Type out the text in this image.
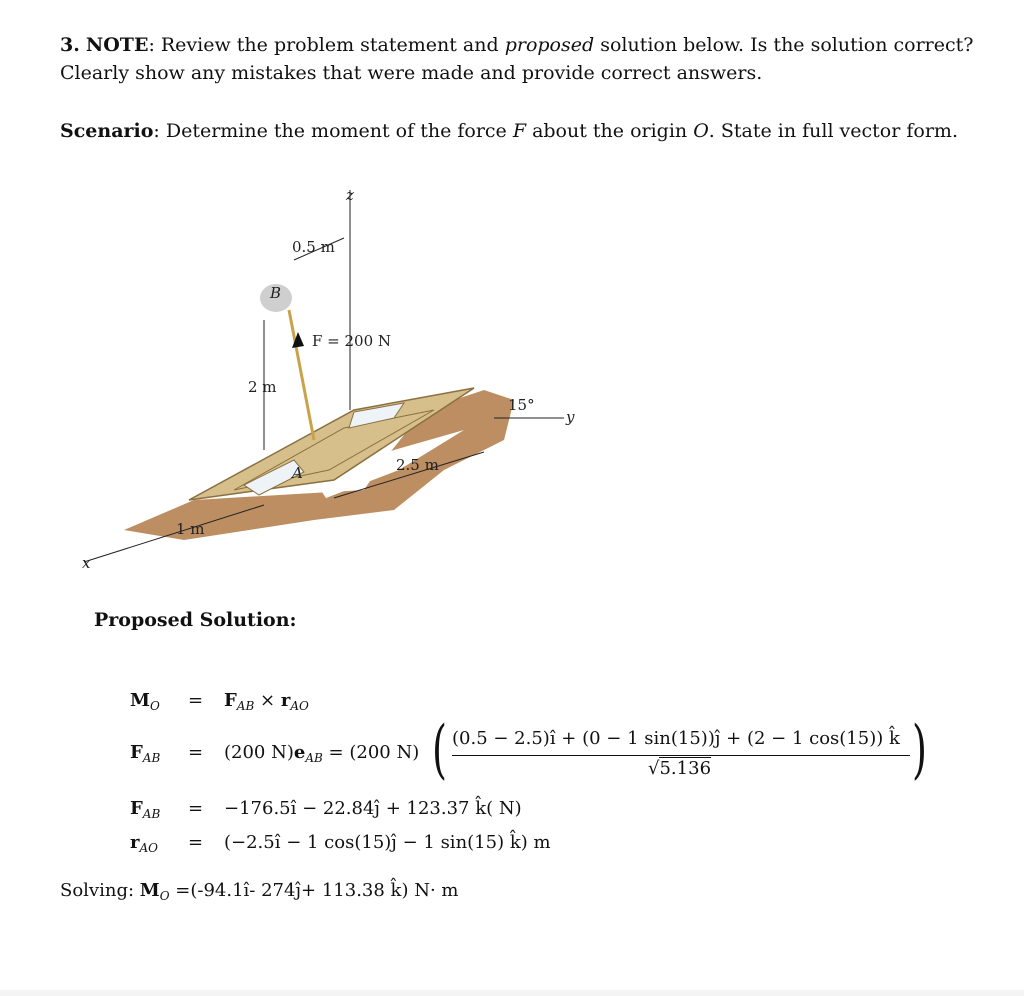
3. NOTE: Review the problem statement and proposed solution below. Is the solution correct?
Clearly show any mistakes that were made and provide correct answers.
Scenario: Determine the moment of the force F about the origin O. State in full vector form.
z
y
x
0.5 m
B
F = 200 N
2 m
15°
A	2.5 m
1 m
Proposed Solution:
$M_O = F_{AB} \times r_{AO}$
$F_{AB} = (200$ $N)e_{AB} = (200$ N) ( (0.5 − 2.5)î + (0 − 1 sin(15))ĵ + (2 − 1 cos(15)) k̂
√5.136	)
$F_{AB}$ = −176.5î − 22.84ĵ + 123.37 k̂( N)
$r_{AO}$ = (−2.5î − 1 cos(15)ĵ − 1 sin(15) k̂) m
Solving: $M_O$ =(-94.1î- 274ĵ+ 113.38 k̂) N· m
